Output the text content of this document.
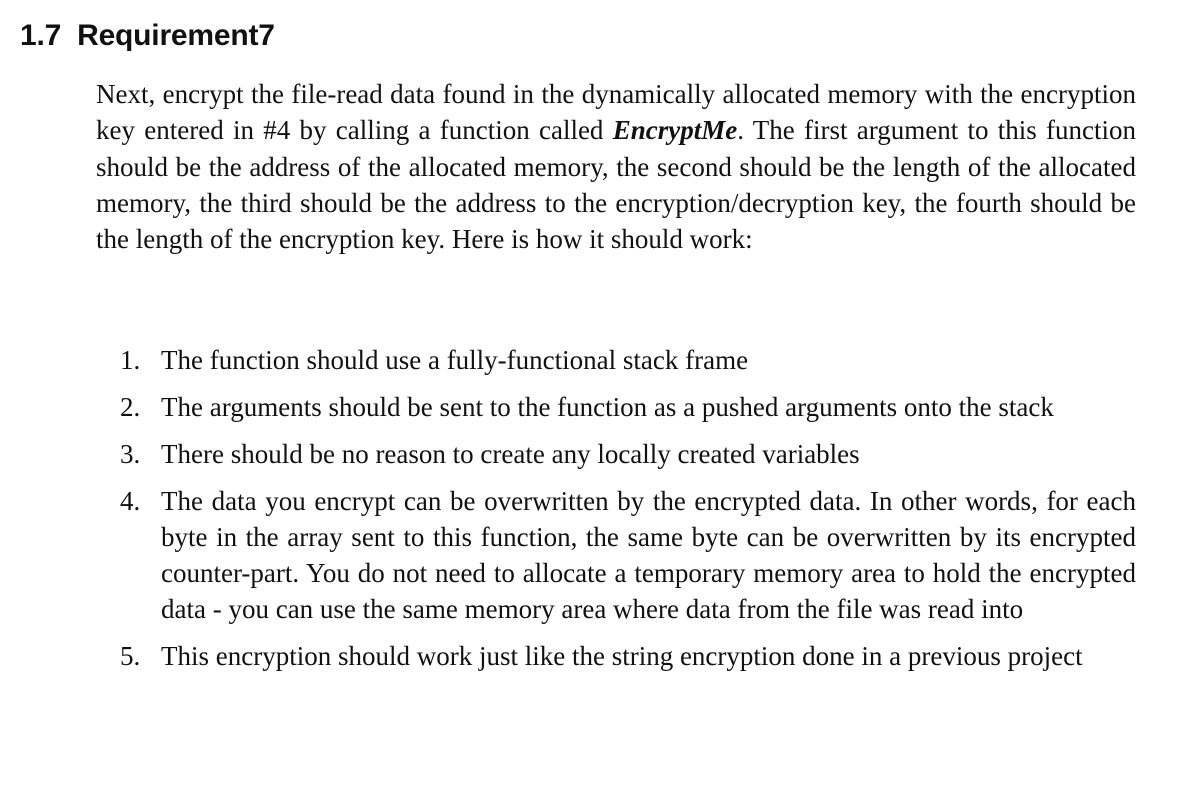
1.7 Requirement7

Next, encrypt the file-read data found in the dynamically allocated memory with the encryption key entered in #4 by calling a function called EncryptMe. The first argument to this function should be the address of the allocated memory, the second should be the length of the allocated memory, the third should be the address to the encryption/decryption key, the fourth should be the length of the encryption key. Here is how it should work:

1. The function should use a fully-functional stack frame
2. The arguments should be sent to the function as a pushed arguments onto the stack
3. There should be no reason to create any locally created variables
4. The data you encrypt can be overwritten by the encrypted data. In other words, for each byte in the array sent to this function, the same byte can be overwritten by its encrypted counter-part. You do not need to allocate a temporary memory area to hold the encrypted data - you can use the same memory area where data from the file was read into
5. This encryption should work just like the string encryption done in a previous project
